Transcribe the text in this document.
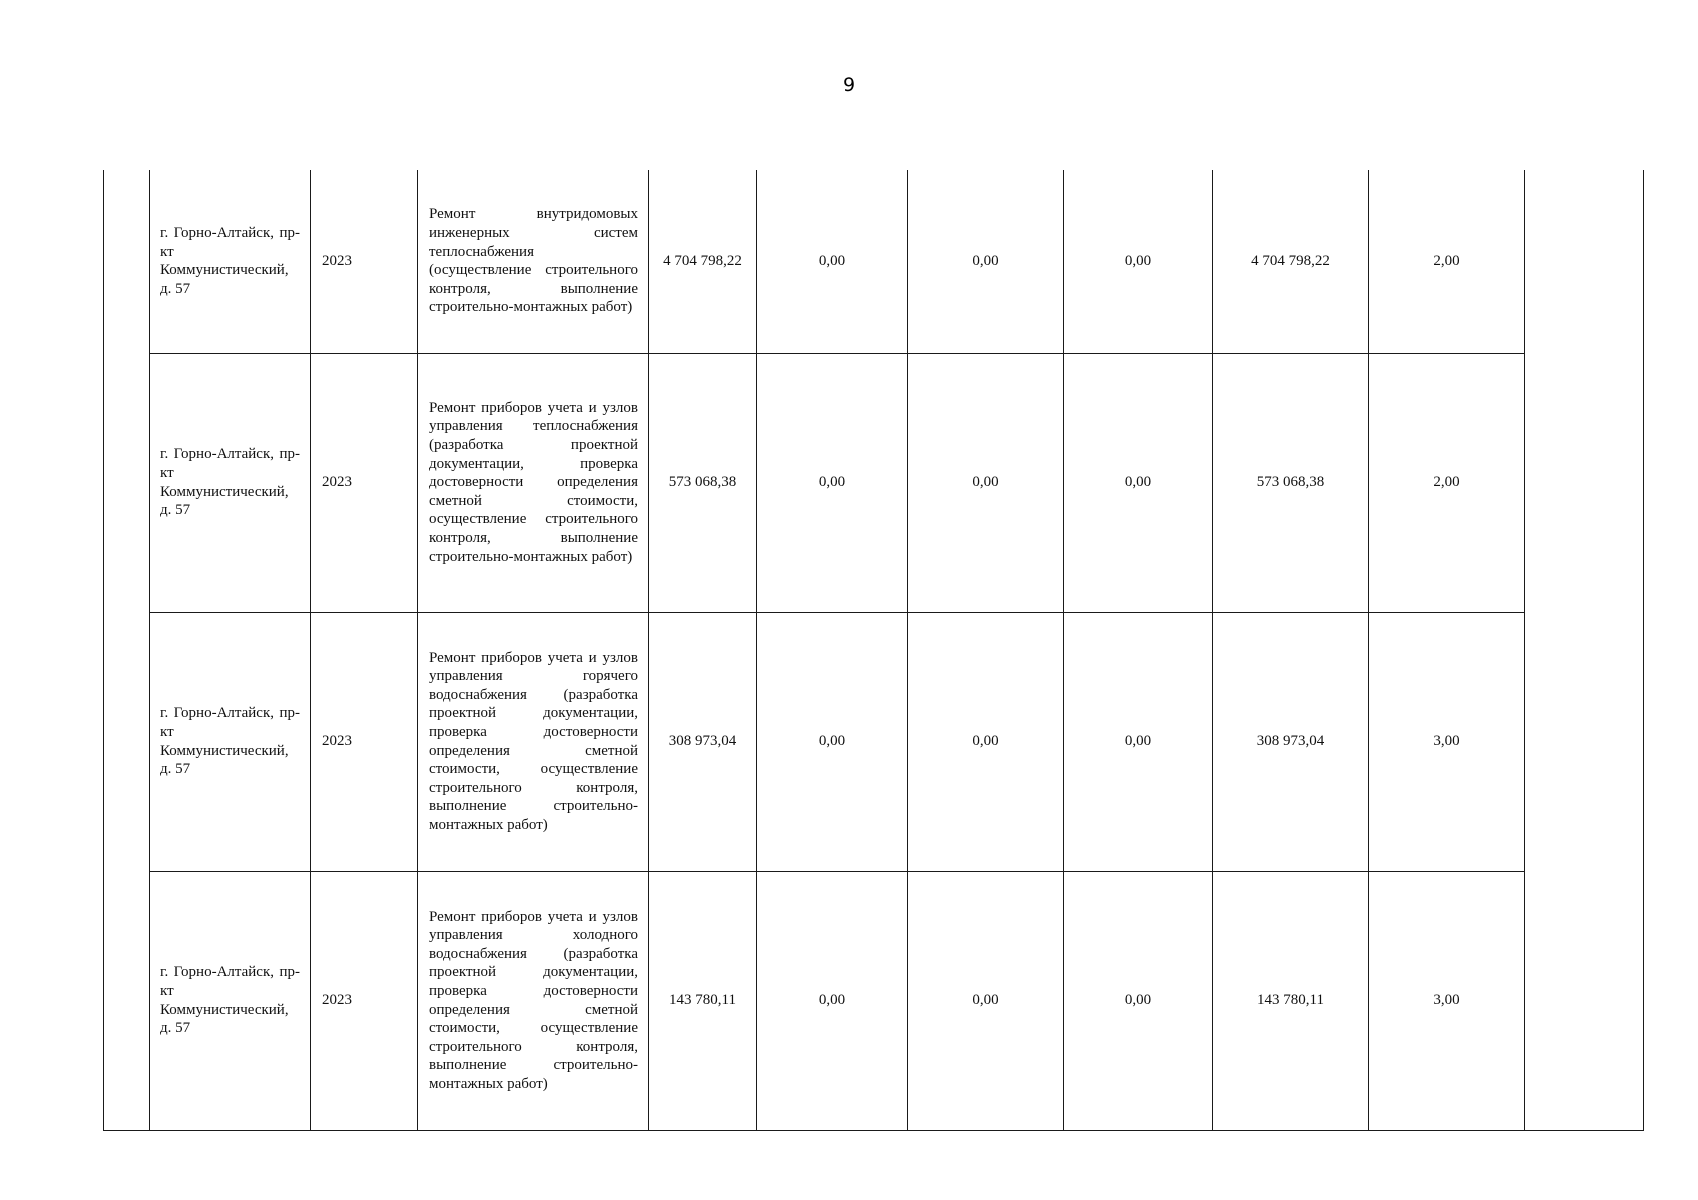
9
	г. Горно-Алтайск, пр-кт Коммунистический, д. 57	2023	Ремонт внутридомовых инженерных систем теплоснабжения (осуществление строительного контроля, выполнение строительно-монтажных работ)	4 704 798,22	0,00	0,00	0,00	4 704 798,22	2,00	
	г. Горно-Алтайск, пр-кт Коммунистический, д. 57	2023	Ремонт приборов учета и узлов управления теплоснабжения (разработка проектной документации, проверка достоверности определения сметной стоимости, осуществление строительного контроля, выполнение строительно-монтажных работ)	573 068,38	0,00	0,00	0,00	573 068,38	2,00	
	г. Горно-Алтайск, пр-кт Коммунистический, д. 57	2023	Ремонт приборов учета и узлов управления горячего водоснабжения (разработка проектной документации, проверка достоверности определения сметной стоимости, осуществление строительного контроля, выполнение строительно-монтажных работ)	308 973,04	0,00	0,00	0,00	308 973,04	3,00	
	г. Горно-Алтайск, пр-кт Коммунистический, д. 57	2023	Ремонт приборов учета и узлов управления холодного водоснабжения (разработка проектной документации, проверка достоверности определения сметной стоимости, осуществление строительного контроля, выполнение строительно-монтажных работ)	143 780,11	0,00	0,00	0,00	143 780,11	3,00	
